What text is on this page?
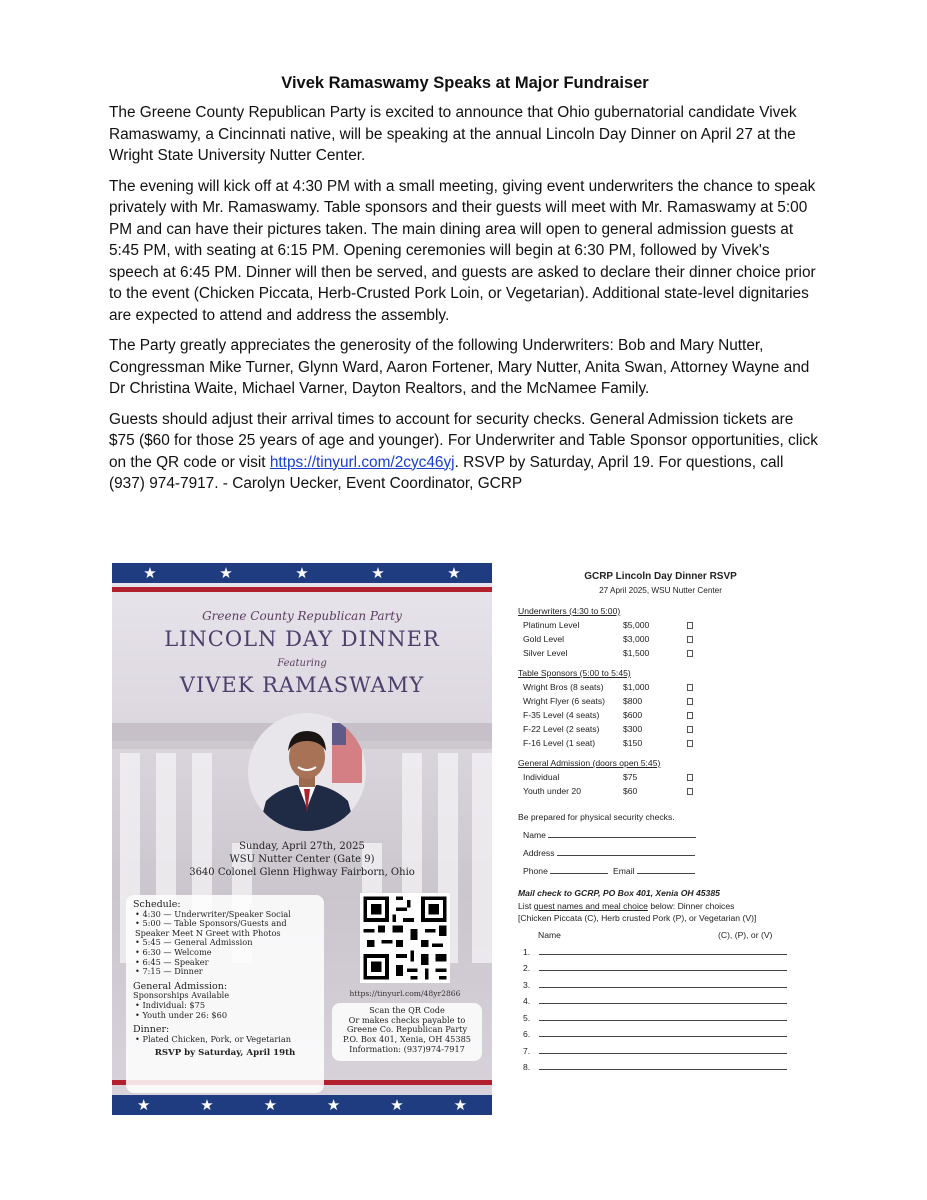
Vivek Ramaswamy Speaks at Major Fundraiser

The Greene County Republican Party is excited to announce that Ohio gubernatorial candidate Vivek Ramaswamy, a Cincinnati native, will be speaking at the annual Lincoln Day Dinner on April 27 at the Wright State University Nutter Center.

The evening will kick off at 4:30 PM with a small meeting, giving event underwriters the chance to speak privately with Mr. Ramaswamy. Table sponsors and their guests will meet with Mr. Ramaswamy at 5:00 PM and can have their pictures taken. The main dining area will open to general admission guests at 5:45 PM, with seating at 6:15 PM. Opening ceremonies will begin at 6:30 PM, followed by Vivek's speech at 6:45 PM. Dinner will then be served, and guests are asked to declare their dinner choice prior to the event (Chicken Piccata, Herb-Crusted Pork Loin, or Vegetarian). Additional state-level dignitaries are expected to attend and address the assembly.

The Party greatly appreciates the generosity of the following Underwriters: Bob and Mary Nutter, Congressman Mike Turner, Glynn Ward, Aaron Fortener, Mary Nutter, Anita Swan, Attorney Wayne and Dr Christina Waite, Michael Varner, Dayton Realtors, and the McNamee Family.

Guests should adjust their arrival times to account for security checks. General Admission tickets are $75 ($60 for those 25 years of age and younger). For Underwriter and Table Sponsor opportunities, click on the QR code or visit https://tinyurl.com/2cyc46yj. RSVP by Saturday, April 19. For questions, call (937) 974-7917. - Carolyn Uecker, Event Coordinator, GCRP

★	★	★	★	★
★	★	★	★	★	★
Greene County Republican Party
LINCOLN DAY DINNER
Featuring
VIVEK RAMASWAMY
Sunday, April 27th, 2025
WSU Nutter Center (Gate 9)
3640 Colonel Glenn Highway Fairborn, Ohio
Schedule:
• 4:30 — Underwriter/Speaker Social
• 5:00 — Table Sponsors/Guests and Speaker Meet N Greet with Photos
• 5:45 — General Admission
• 6:30 — Welcome
• 6:45 — Speaker
• 7:15 — Dinner
General Admission:
Sponsorships Available
• Individual: $75
• Youth under 26: $60
Dinner:
• Plated Chicken, Pork, or Vegetarian
RSVP by Saturday, April 19th
https://tinyurl.com/48yr2866
Scan the QR Code
Or makes checks payable to
Greene Co. Republican Party
P.O. Box 401, Xenia, OH 45385
Information: (937)974-7917
GCRP Lincoln Day Dinner RSVP
27 April 2025, WSU Nutter Center
Underwriters (4:30 to 5:00)
Platinum Level	$5,000
Gold Level	$3,000
Silver Level	$1,500
Table Sponsors (5:00 to 5:45)
Wright Bros (8 seats)	$1,000
Wright Flyer (6 seats)	$800
F-35 Level (4 seats)	$600
F-22 Level (2 seats)	$300
F-16 Level (1 seat)	$150
General Admission (doors open 5:45)
Individual	$75
Youth under 20	$60
Be prepared for physical security checks.
Name
Address
Phone	Email
Mail check to GCRP, PO Box 401, Xenia OH 45385
List guest names and meal choice below: Dinner choices
[Chicken Piccata (C), Herb crusted Pork (P), or Vegetarian (V)]
Name	(C), (P), or (V)
1.
2.
3.
4.
5.
6.
7.
8.
